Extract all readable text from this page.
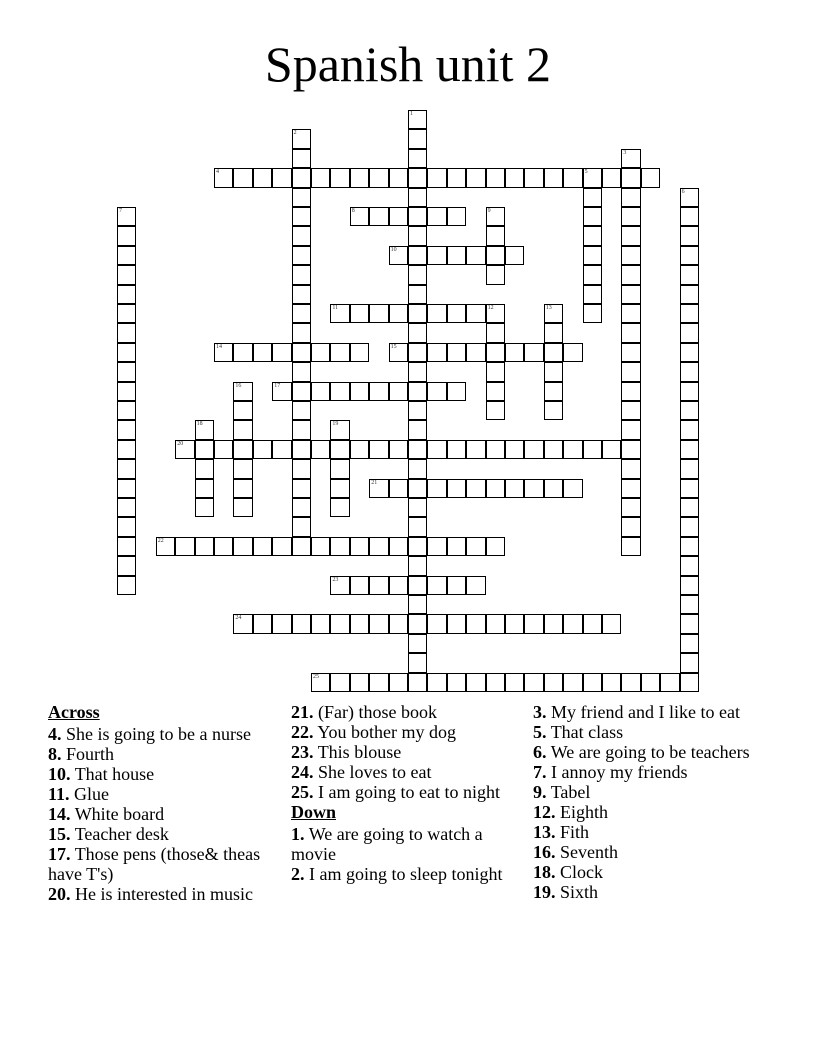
Spanish unit 2
1
2
3
4	5
6
7	8	9
10
11	12	13
14	15
16	17
18	19
20
21
22
23
24
25
Across
4. She is going to be a nurse
8. Fourth
10. That house
11. Glue
14. White board
15. Teacher desk
17. Those pens (those& theas have T's)
20. He is interested in music
21. (Far) those book
22. You bother my dog
23. This blouse
24. She loves to eat
25. I am going to eat to night
Down
1. We are going to watch a movie
2. I am going to sleep tonight
3. My friend and I like to eat
5. That class
6. We are going to be teachers
7. I annoy my friends
9. Tabel
12. Eighth
13. Fith
16. Seventh
18. Clock
19. Sixth
